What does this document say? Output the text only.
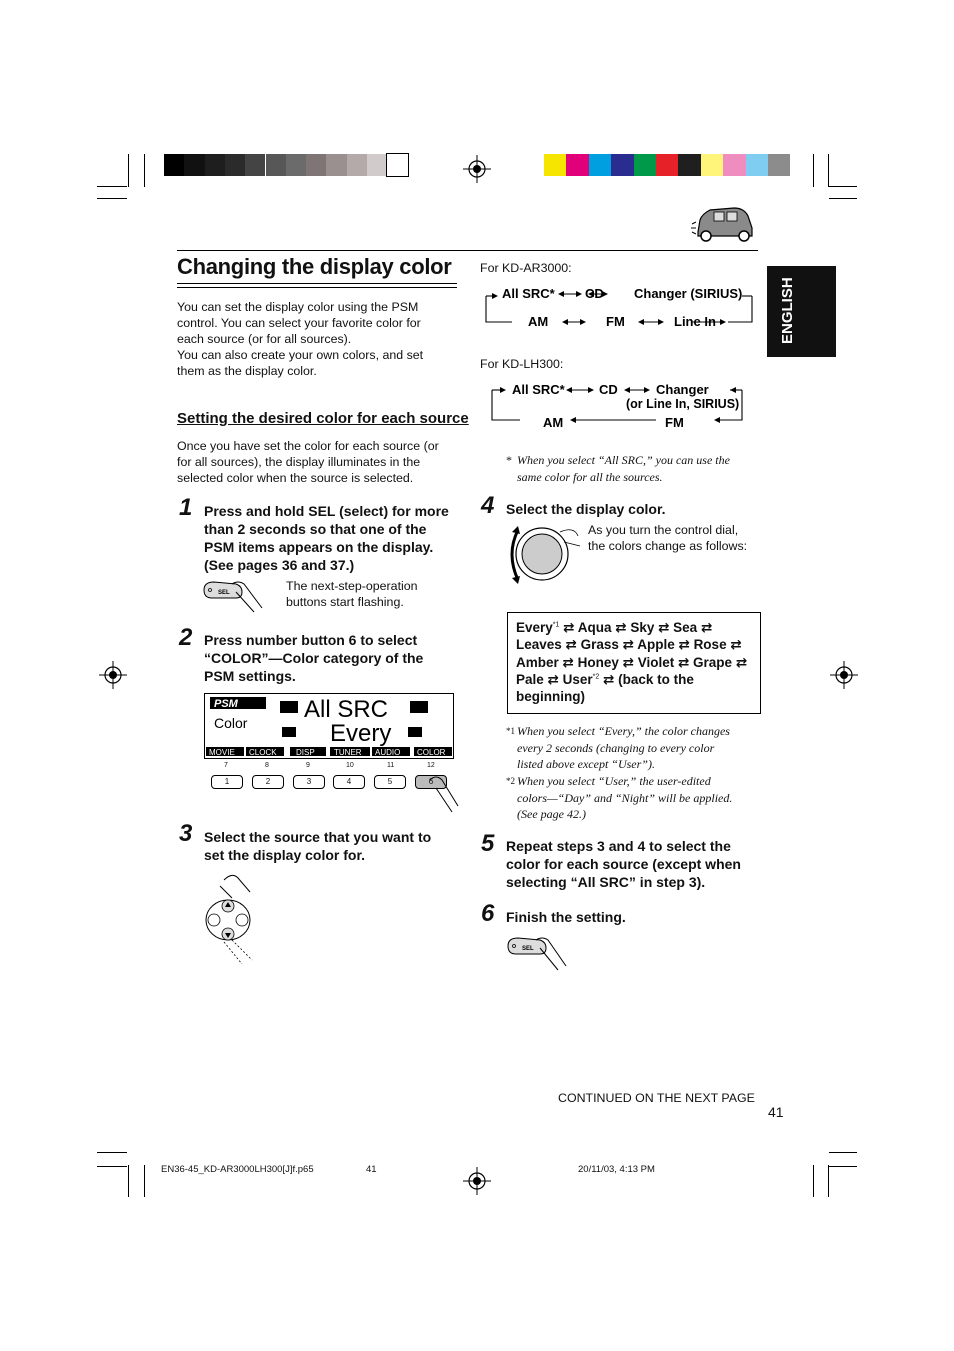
Changing the display color
ENGLISH
You can set the display color using the PSM
control. You can select your favorite color for
each source (or for all sources).
You can also create your own colors, and set
them as the display color.
Setting the desired color for each source
Once you have set the color for each source (or
for all sources), the display illuminates in the
selected color when the source is selected.
1 Press and hold SEL (select) for more
than 2 seconds so that one of the
PSM items appears on the display.
(See pages 36 and 37.)
SEL	The next-step-operation
buttons start flashing.
2 Press number button 6 to select
“COLOR”—Color category of the
PSM settings.
PSM
Color All SRC
Every
MOVIE CLOCK DISP TUNER AUDIO COLOR
7	8	9	10	11	12
1	2	3	4	5	6
3 Select the source that you want to
set the display color for.
For KD-AR3000:
All SRC* CD Changer (SIRIUS)
AM	FM	Line In
For KD-LH300:
All SRC*	CD	Changer
(or Line In, SIRIUS)
AM	FM
* When you select “All SRC,” you can use the
same color for all the sources.
4 Select the display color.
As you turn the control dial,
the colors change as follows:
Every$^{*1}$ ⇄ Aqua ⇄ Sky ⇄ Sea ⇄
Leaves ⇄ Grass ⇄ Apple ⇄ Rose ⇄
Amber ⇄ Honey ⇄ Violet ⇄ Grape ⇄
Pale ⇄ User$^{*2}$ ⇄ (back to the
beginning)
*1 When you select “Every,” the color changes
every 2 seconds (changing to every color
listed above except “User”).
*2 When you select “User,” the user-edited
colors—“Day” and “Night” will be applied.
(See page 42.)
5 Repeat steps 3 and 4 to select the
color for each source (except when
selecting “All SRC” in step 3).
6 Finish the setting.
SEL
CONTINUED ON THE NEXT PAGE
41
EN36-45_KD-AR3000LH300[J]f.p65	41	20/11/03, 4:13 PM
